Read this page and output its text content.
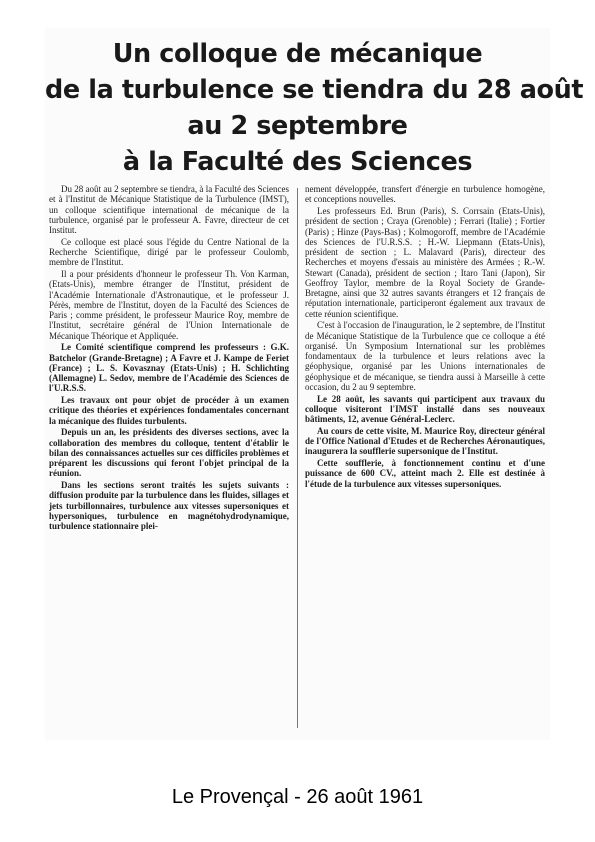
Un colloque de mécanique
de la turbulence se tiendra du 28 août
au 2 septembre
à la Faculté des Sciences

Du 28 août au 2 septembre se tiendra, à la Faculté des Sciences et à l'Institut de Mécanique Statistique de la Turbulence (IMST), un colloque scientifique international de mécanique de la turbulence, organisé par le professeur A. Favre, directeur de cet Institut.

Ce colloque est placé sous l'égide du Centre National de la Recherche Scientifique, dirigé par le professeur Coulomb, membre de l'Institut.

Il a pour présidents d'honneur le professeur Th. Von Karman, (Etats-Unis), membre étranger de l'Institut, président de l'Académie Internationale d'Astronautique, et le professeur J. Pérès, membre de l'Institut, doyen de la Faculté des Sciences de Paris ; comme président, le professeur Maurice Roy, membre de l'Institut, secrétaire général de l'Union Internationale de Mécanique Théorique et Appliquée.

Le Comité scientifique comprend les professeurs : G.K. Batchelor (Grande-Bretagne) ; A Favre et J. Kampe de Feriet (France) ; L. S. Kovasznay (Etats-Unis) ; H. Schlichting (Allemagne) L. Sedov, membre de l'Académie des Sciences de l'U.R.S.S.

Les travaux ont pour objet de procéder à un examen critique des théories et expériences fondamentales concernant la mécanique des fluides turbulents.

Depuis un an, les présidents des diverses sections, avec la collaboration des membres du colloque, tentent d'établir le bilan des connaissances actuelles sur ces difficiles problèmes et préparent les discussions qui feront l'objet principal de la réunion.

Dans les sections seront traités les sujets suivants : diffusion produite par la turbulence dans les fluides, sillages et jets turbillonnaires, turbulence aux vitesses supersoniques et hypersoniques, turbulence en magnétohydrodynamique, turbulence stationnaire plei-

nement développée, transfert d'énergie en turbulence homogène, et conceptions nouvelles.

Les professeurs Ed. Brun (Paris), S. Corrsain (Etats-Unis), président de section ; Craya (Grenoble) ; Ferrari (Italie) ; Fortier (Paris) ; Hinze (Pays-Bas) ; Kolmogoroff, membre de l'Académie des Sciences de l'U.R.S.S. ; H.-W. Liepmann (Etats-Unis), président de section ; L. Malavard (Paris), directeur des Recherches et moyens d'essais au ministère des Armées ; R.-W. Stewart (Canada), président de section ; Itaro Tani (Japon), Sir Geoffroy Taylor, membre de la Royal Society de Grande-Bretagne, ainsi que 32 autres savants étrangers et 12 français de réputation internationale, participeront également aux travaux de cette réunion scientifique.

C'est à l'occasion de l'inauguration, le 2 septembre, de l'Institut de Mécanique Statistique de la Turbulence que ce colloque a été organisé. Un Symposium International sur les problèmes fondamentaux de la turbulence et leurs relations avec la géophysique, organisé par les Unions internationales de géophysique et de mécanique, se tiendra aussi à Marseille à cette occasion, du 2 au 9 septembre.

Le 28 août, les savants qui participent aux travaux du colloque visiteront l'IMST installé dans ses nouveaux bâtiments, 12, avenue Général-Leclerc.

Au cours de cette visite, M. Maurice Roy, directeur général de l'Office National d'Etudes et de Recherches Aéronautiques, inaugurera la soufflerie supersonique de l'Institut.

Cette soufflerie, à fonctionnement continu et d'une puissance de 600 CV., atteint mach 2. Elle est destinée à l'étude de la turbulence aux vitesses supersoniques.

Le Provençal - 26 août 1961
